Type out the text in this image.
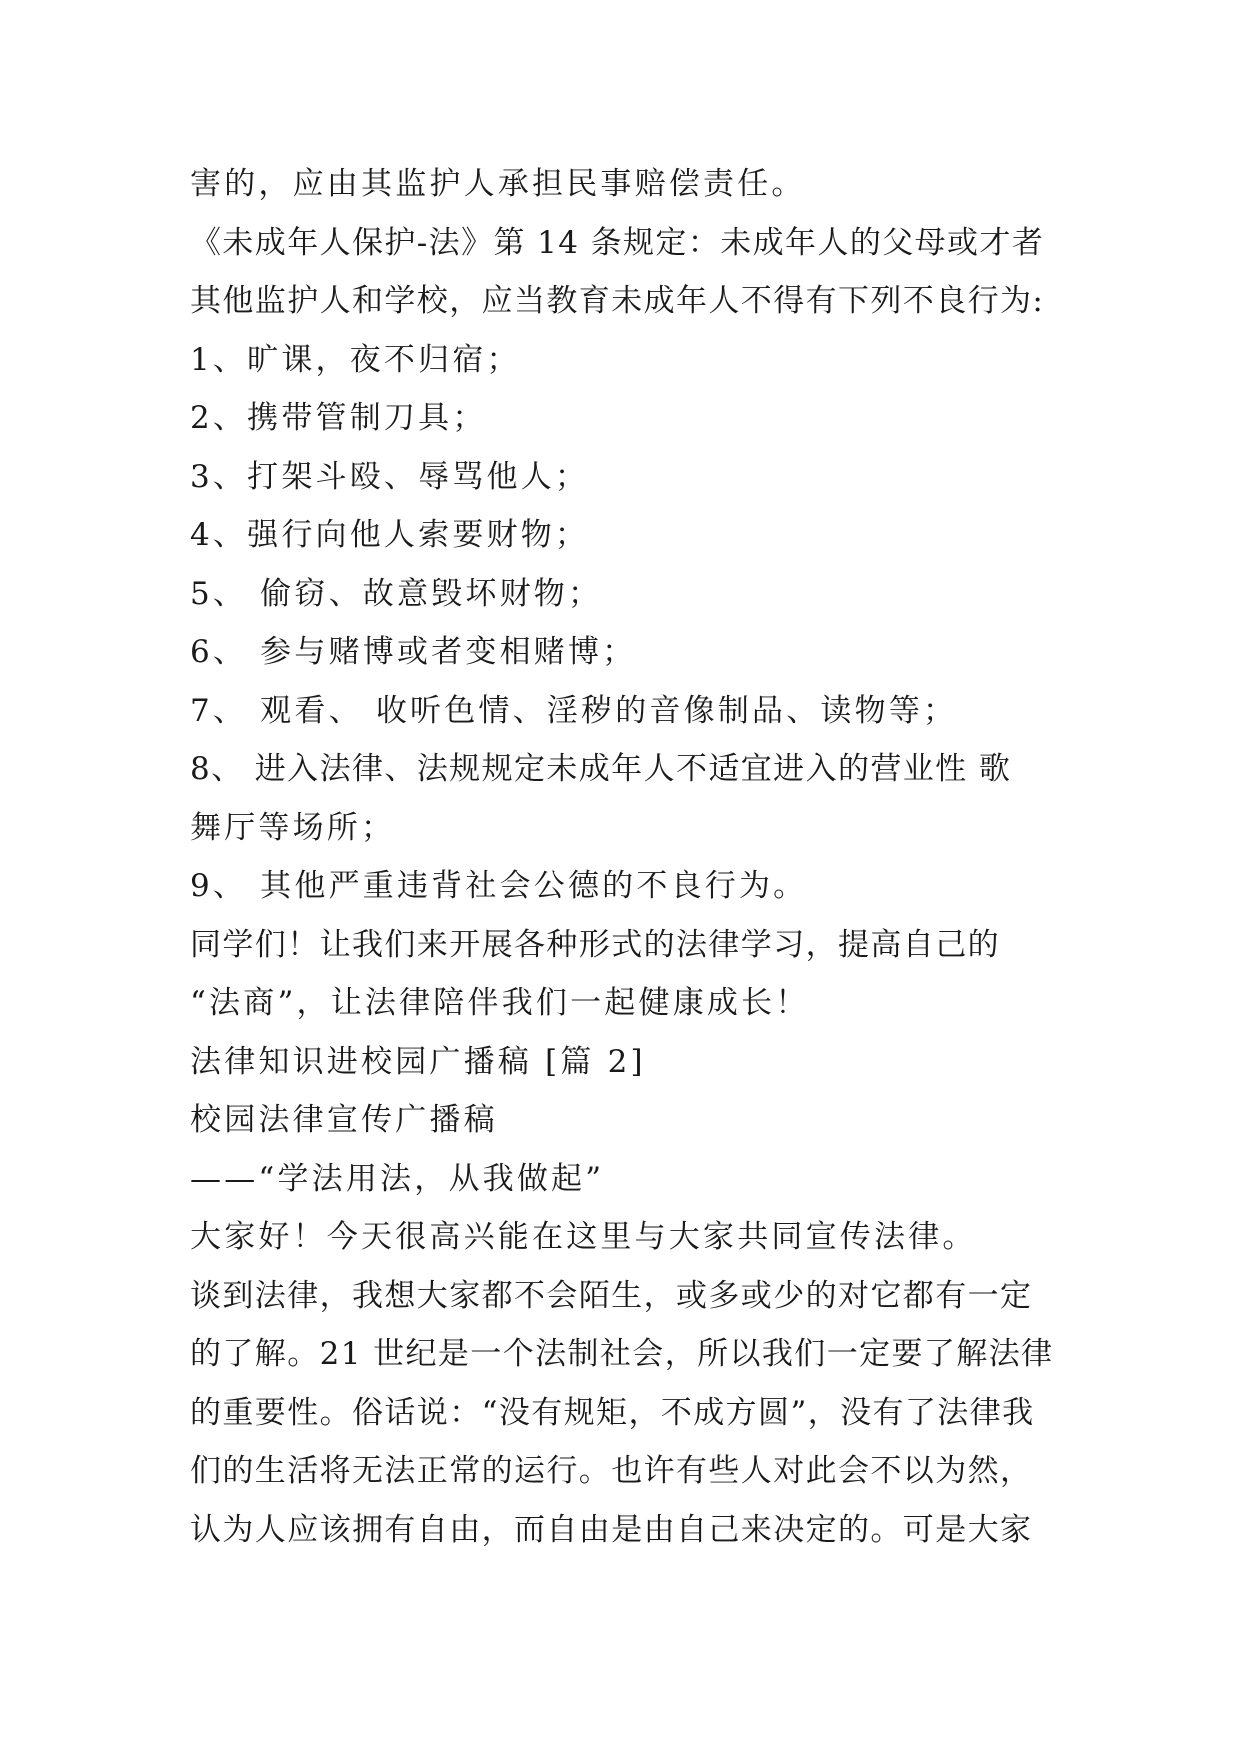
害的，应由其监护人承担民事赔偿责任。
《未成年人保护-法》第 14 条规定：未成年人的父母或才者
其他监护人和学校，应当教育未成年人不得有下列不良行为:
1、旷课，夜不归宿；
2、携带管制刀具；
3、打架斗殴、辱骂他人；
4、强行向他人索要财物；
5、 偷窃、故意毁坏财物；
6、 参与赌博或者变相赌博；
7、 观看、 收听色情、淫秽的音像制品、读物等；
8、 进入法律、法规规定未成年人不适宜进入的营业性 歌
舞厅等场所；
9、 其他严重违背社会公德的不良行为。
同学们！让我们来开展各种形式的法律学习，提高自己的
“法商”，让法律陪伴我们一起健康成长！
法律知识进校园广播稿 [篇 2]
校园法律宣传广播稿
——“学法用法，从我做起”
大家好！今天很高兴能在这里与大家共同宣传法律。
谈到法律，我想大家都不会陌生，或多或少的对它都有一定
的了解。21 世纪是一个法制社会，所以我们一定要了解法律
的重要性。俗话说：“没有规矩，不成方圆”，没有了法律我
们的生活将无法正常的运行。也许有些人对此会不以为然，
认为人应该拥有自由，而自由是由自己来决定的。可是大家
